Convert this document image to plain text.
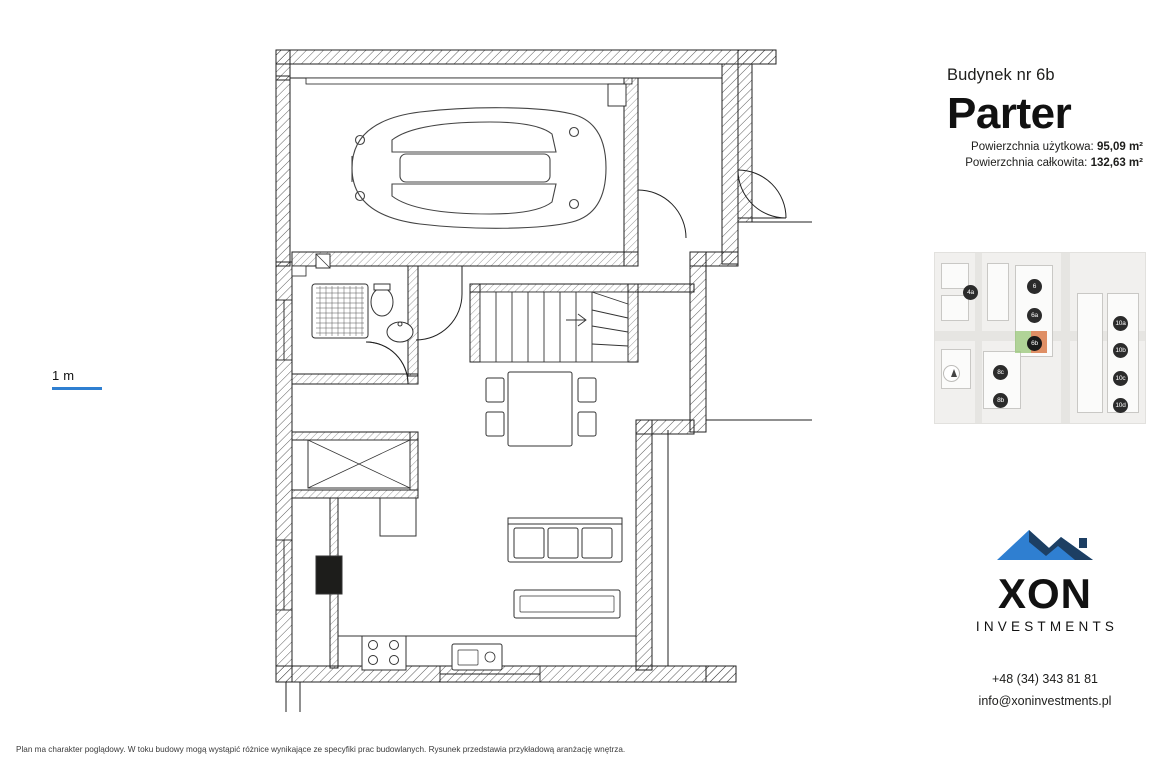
1 m
Plan ma charakter poglądowy. W toku budowy mogą wystąpić różnice wynikające ze specyfiki prac budowlanych. Rysunek przedstawia przykładową aranżację wnętrza.
Budynek nr 6b
Parter
Powierzchnia użytkowa: 95,09 m²
Powierzchnia całkowita: 132,63 m²
4a
6
6a
6b
8c
8b
10a
10b
10c
10d
XON
INVESTMENTS
+48 (34) 343 81 81
info@xoninvestments.pl
